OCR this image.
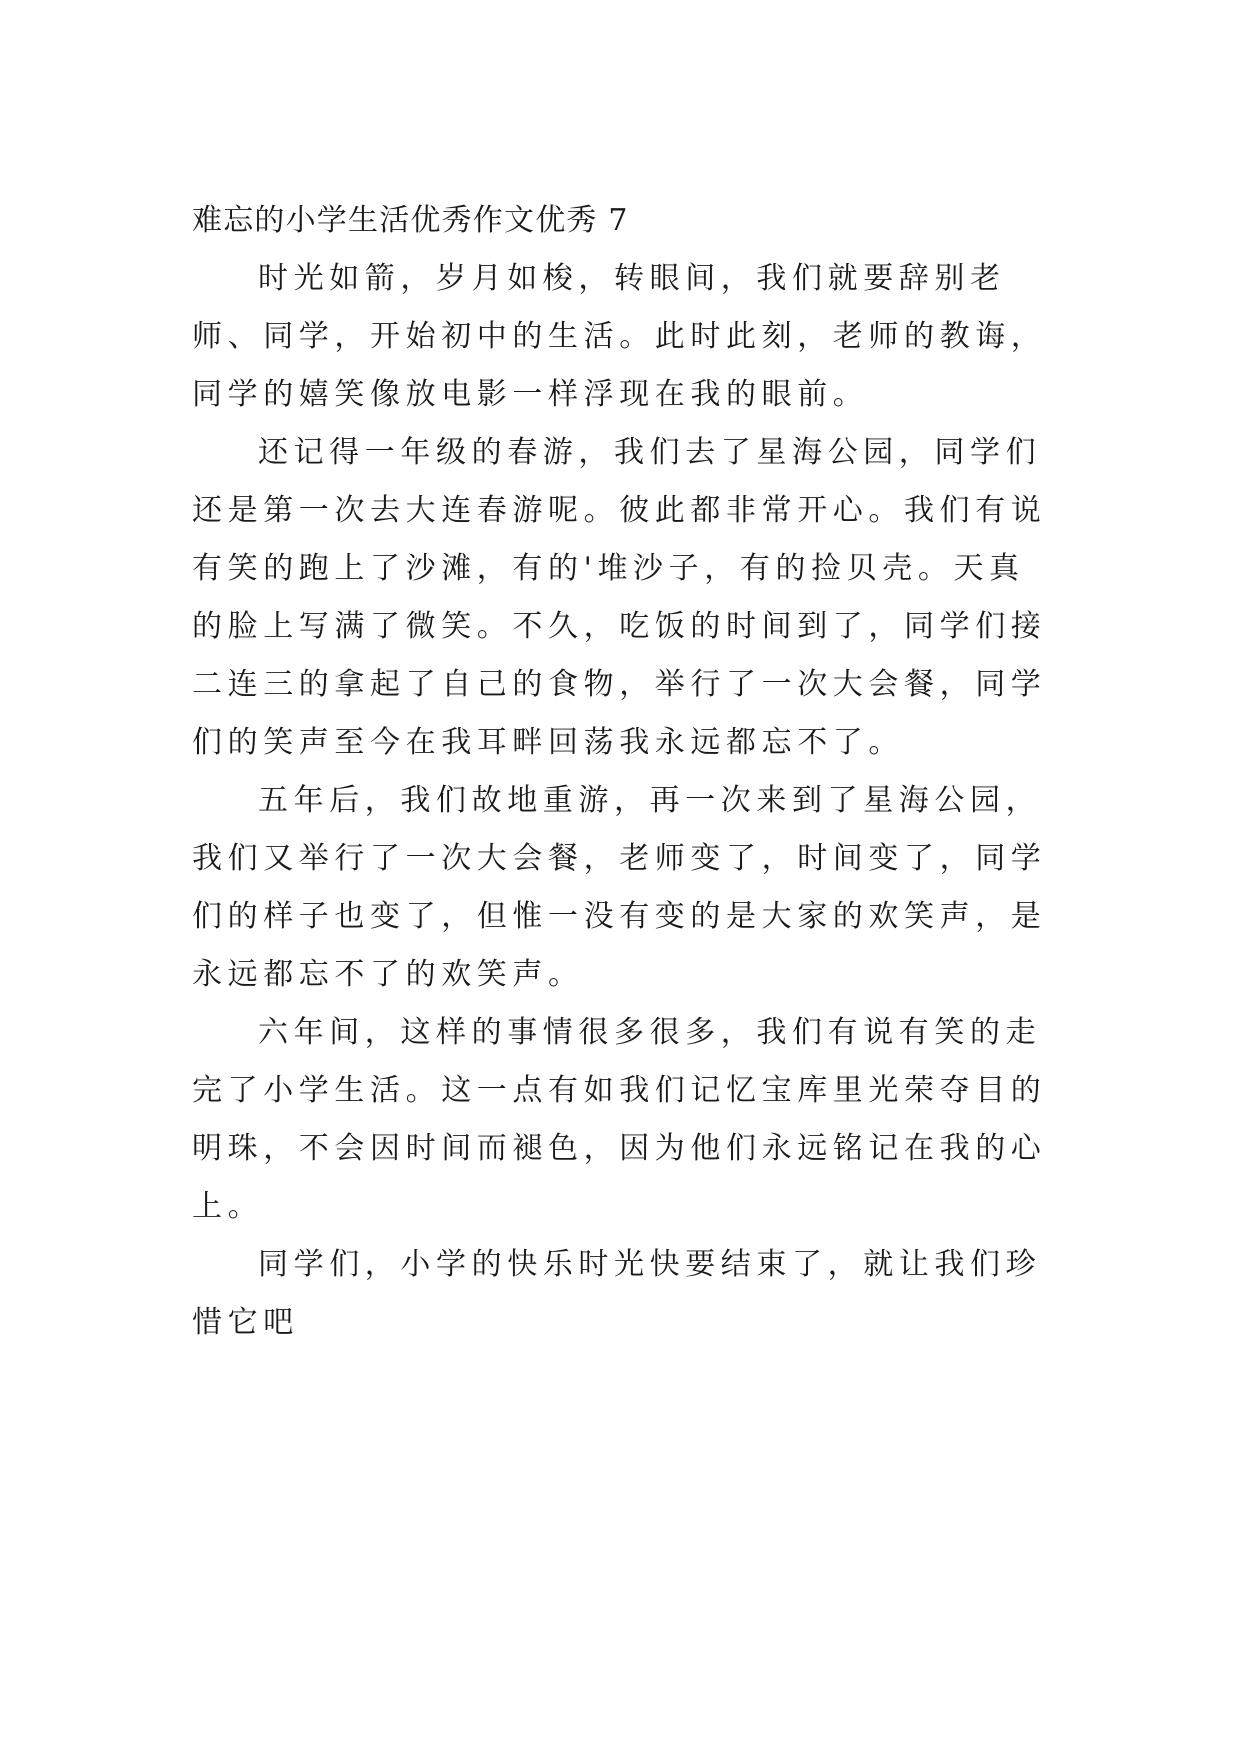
难忘的小学生活优秀作文优秀 7

时光如箭，岁月如梭，转眼间，我们就要辞别老师、同学，开始初中的生活。此时此刻，老师的教诲，同学的嬉笑像放电影一样浮现在我的眼前。

还记得一年级的春游，我们去了星海公园，同学们还是第一次去大连春游呢。彼此都非常开心。我们有说有笑的跑上了沙滩，有的'堆沙子，有的捡贝壳。天真的脸上写满了微笑。不久，吃饭的时间到了，同学们接二连三的拿起了自己的食物，举行了一次大会餐，同学们的笑声至今在我耳畔回荡我永远都忘不了。

五年后，我们故地重游，再一次来到了星海公园，我们又举行了一次大会餐，老师变了，时间变了，同学们的样子也变了，但惟一没有变的是大家的欢笑声，是永远都忘不了的欢笑声。

六年间，这样的事情很多很多，我们有说有笑的走完了小学生活。这一点有如我们记忆宝库里光荣夺目的明珠，不会因时间而褪色，因为他们永远铭记在我的心上。

同学们，小学的快乐时光快要结束了，就让我们珍惜它吧
